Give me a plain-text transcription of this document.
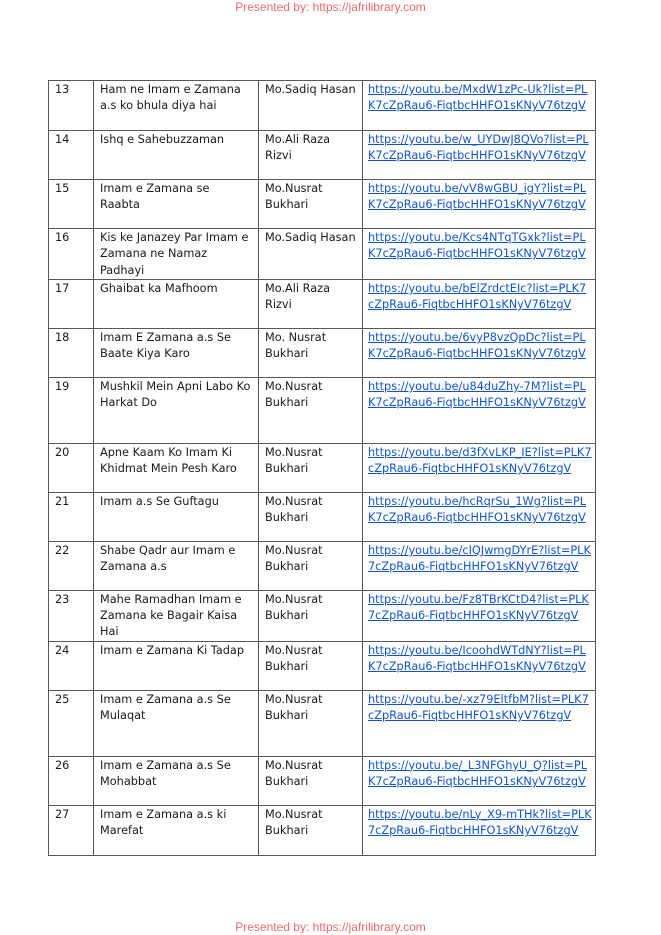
Presented by: https://jafrilibrary.com
13	Ham ne Imam e Zamana a.s ko bhula diya hai	Mo.Sadiq Hasan	https://youtu.be/MxdW1zPc-Uk?list=PLK7cZpRau6-FiqtbcHHFO1sKNyV76tzgV
14	Ishq e Sahebuzzaman	Mo.Ali Raza Rizvi	https://youtu.be/w_UYDwJ8QVo?list=PLK7cZpRau6-FiqtbcHHFO1sKNyV76tzgV
15	Imam e Zamana se Raabta	Mo.Nusrat Bukhari	https://youtu.be/vV8wGBU_igY?list=PLK7cZpRau6-FiqtbcHHFO1sKNyV76tzgV
16	Kis ke Janazey Par Imam e Zamana ne Namaz Padhayi	Mo.Sadiq Hasan	https://youtu.be/Kcs4NTqTGxk?list=PLK7cZpRau6-FiqtbcHHFO1sKNyV76tzgV
17	Ghaibat ka Mafhoom	Mo.Ali Raza Rizvi	https://youtu.be/bElZrdctEIc?list=PLK7cZpRau6-FiqtbcHHFO1sKNyV76tzgV
18	Imam E Zamana a.s Se Baate Kiya Karo	Mo. Nusrat Bukhari	https://youtu.be/6vyP8vzQpDc?list=PLK7cZpRau6-FiqtbcHHFO1sKNyV76tzgV
19	Mushkil Mein Apni Labo Ko Harkat Do	Mo.Nusrat Bukhari	https://youtu.be/u84duZhy-7M?list=PLK7cZpRau6-FiqtbcHHFO1sKNyV76tzgV
20	Apne Kaam Ko Imam Ki Khidmat Mein Pesh Karo	Mo.Nusrat Bukhari	https://youtu.be/d3fXvLKP_IE?list=PLK7cZpRau6-FiqtbcHHFO1sKNyV76tzgV
21	Imam a.s Se Guftagu	Mo.Nusrat Bukhari	https://youtu.be/hcRqrSu_1Wg?list=PLK7cZpRau6-FiqtbcHHFO1sKNyV76tzgV
22	Shabe Qadr aur Imam e Zamana a.s	Mo.Nusrat Bukhari	https://youtu.be/cIQJwmgDYrE?list=PLK7cZpRau6-FiqtbcHHFO1sKNyV76tzgV
23	Mahe Ramadhan Imam e Zamana ke Bagair Kaisa Hai	Mo.Nusrat Bukhari	https://youtu.be/Fz8TBrKCtD4?list=PLK7cZpRau6-FiqtbcHHFO1sKNyV76tzgV
24	Imam e Zamana Ki Tadap	Mo.Nusrat Bukhari	https://youtu.be/IcoohdWTdNY?list=PLK7cZpRau6-FiqtbcHHFO1sKNyV76tzgV
25	Imam e Zamana a.s Se Mulaqat	Mo.Nusrat Bukhari	https://youtu.be/-xz79EltfbM?list=PLK7cZpRau6-FiqtbcHHFO1sKNyV76tzgV
26	Imam e Zamana a.s Se Mohabbat	Mo.Nusrat Bukhari	https://youtu.be/_L3NFGhyU_Q?list=PLK7cZpRau6-FiqtbcHHFO1sKNyV76tzgV
27	Imam e Zamana a.s ki Marefat	Mo.Nusrat Bukhari	https://youtu.be/nLy_X9-mTHk?list=PLK7cZpRau6-FiqtbcHHFO1sKNyV76tzgV
Presented by: https://jafrilibrary.com
